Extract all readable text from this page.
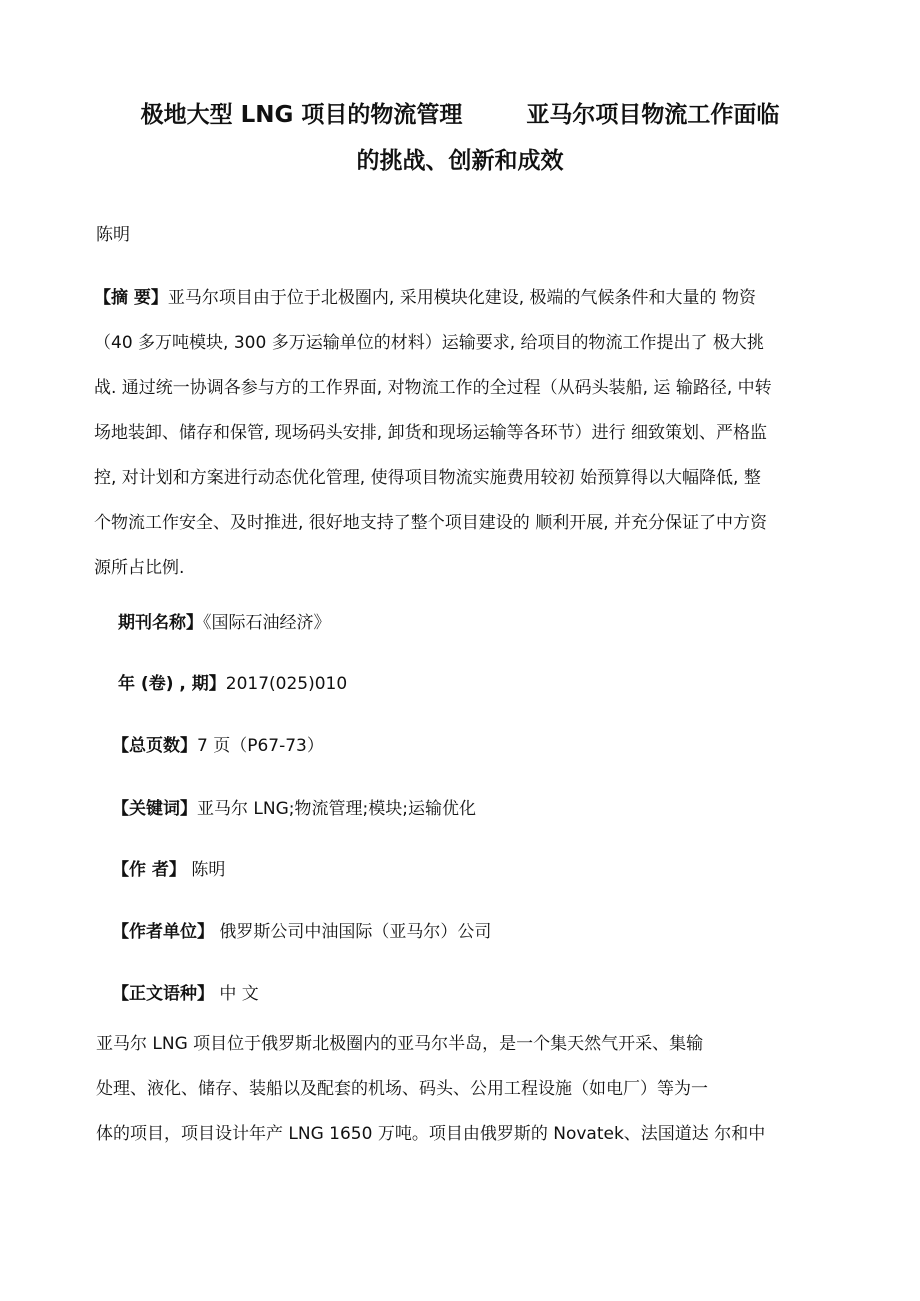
极地大型 LNG 项目的物流管理	亚马尔项目物流工作面临
的挑战、创新和成效

陈明

【摘 要】亚马尔项目由于位于北极圈内, 采用模块化建设, 极端的气候条件和大量的 物资
（40 多万吨模块, 300 多万运输单位的材料）运输要求, 给项目的物流工作提出了 极大挑
战. 通过统一协调各参与方的工作界面, 对物流工作的全过程（从码头装船, 运 输路径, 中转
场地装卸、储存和保管, 现场码头安排, 卸货和现场运输等各环节）进行 细致策划、严格监
控, 对计划和方案进行动态优化管理, 使得项目物流实施费用较初 始预算得以大幅降低, 整
个物流工作安全、及时推进, 很好地支持了整个项目建设的 顺利开展, 并充分保证了中方资
源所占比例.

期刊名称】《国际石油经济》

年 (卷) , 期】2017(025)010

【总页数】7 页（P67-73）

【关键词】亚马尔 LNG;物流管理;模块;运输优化

【作 者】 陈明

【作者单位】 俄罗斯公司中油国际（亚马尔）公司

【正文语种】 中 文

亚马尔 LNG 项目位于俄罗斯北极圈内的亚马尔半岛，是一个集天然气开采、集输
处理、液化、储存、装船以及配套的机场、码头、公用工程设施（如电厂）等为一
体的项目，项目设计年产 LNG 1650 万吨。项目由俄罗斯的 Novatek、法国道达 尔和中
